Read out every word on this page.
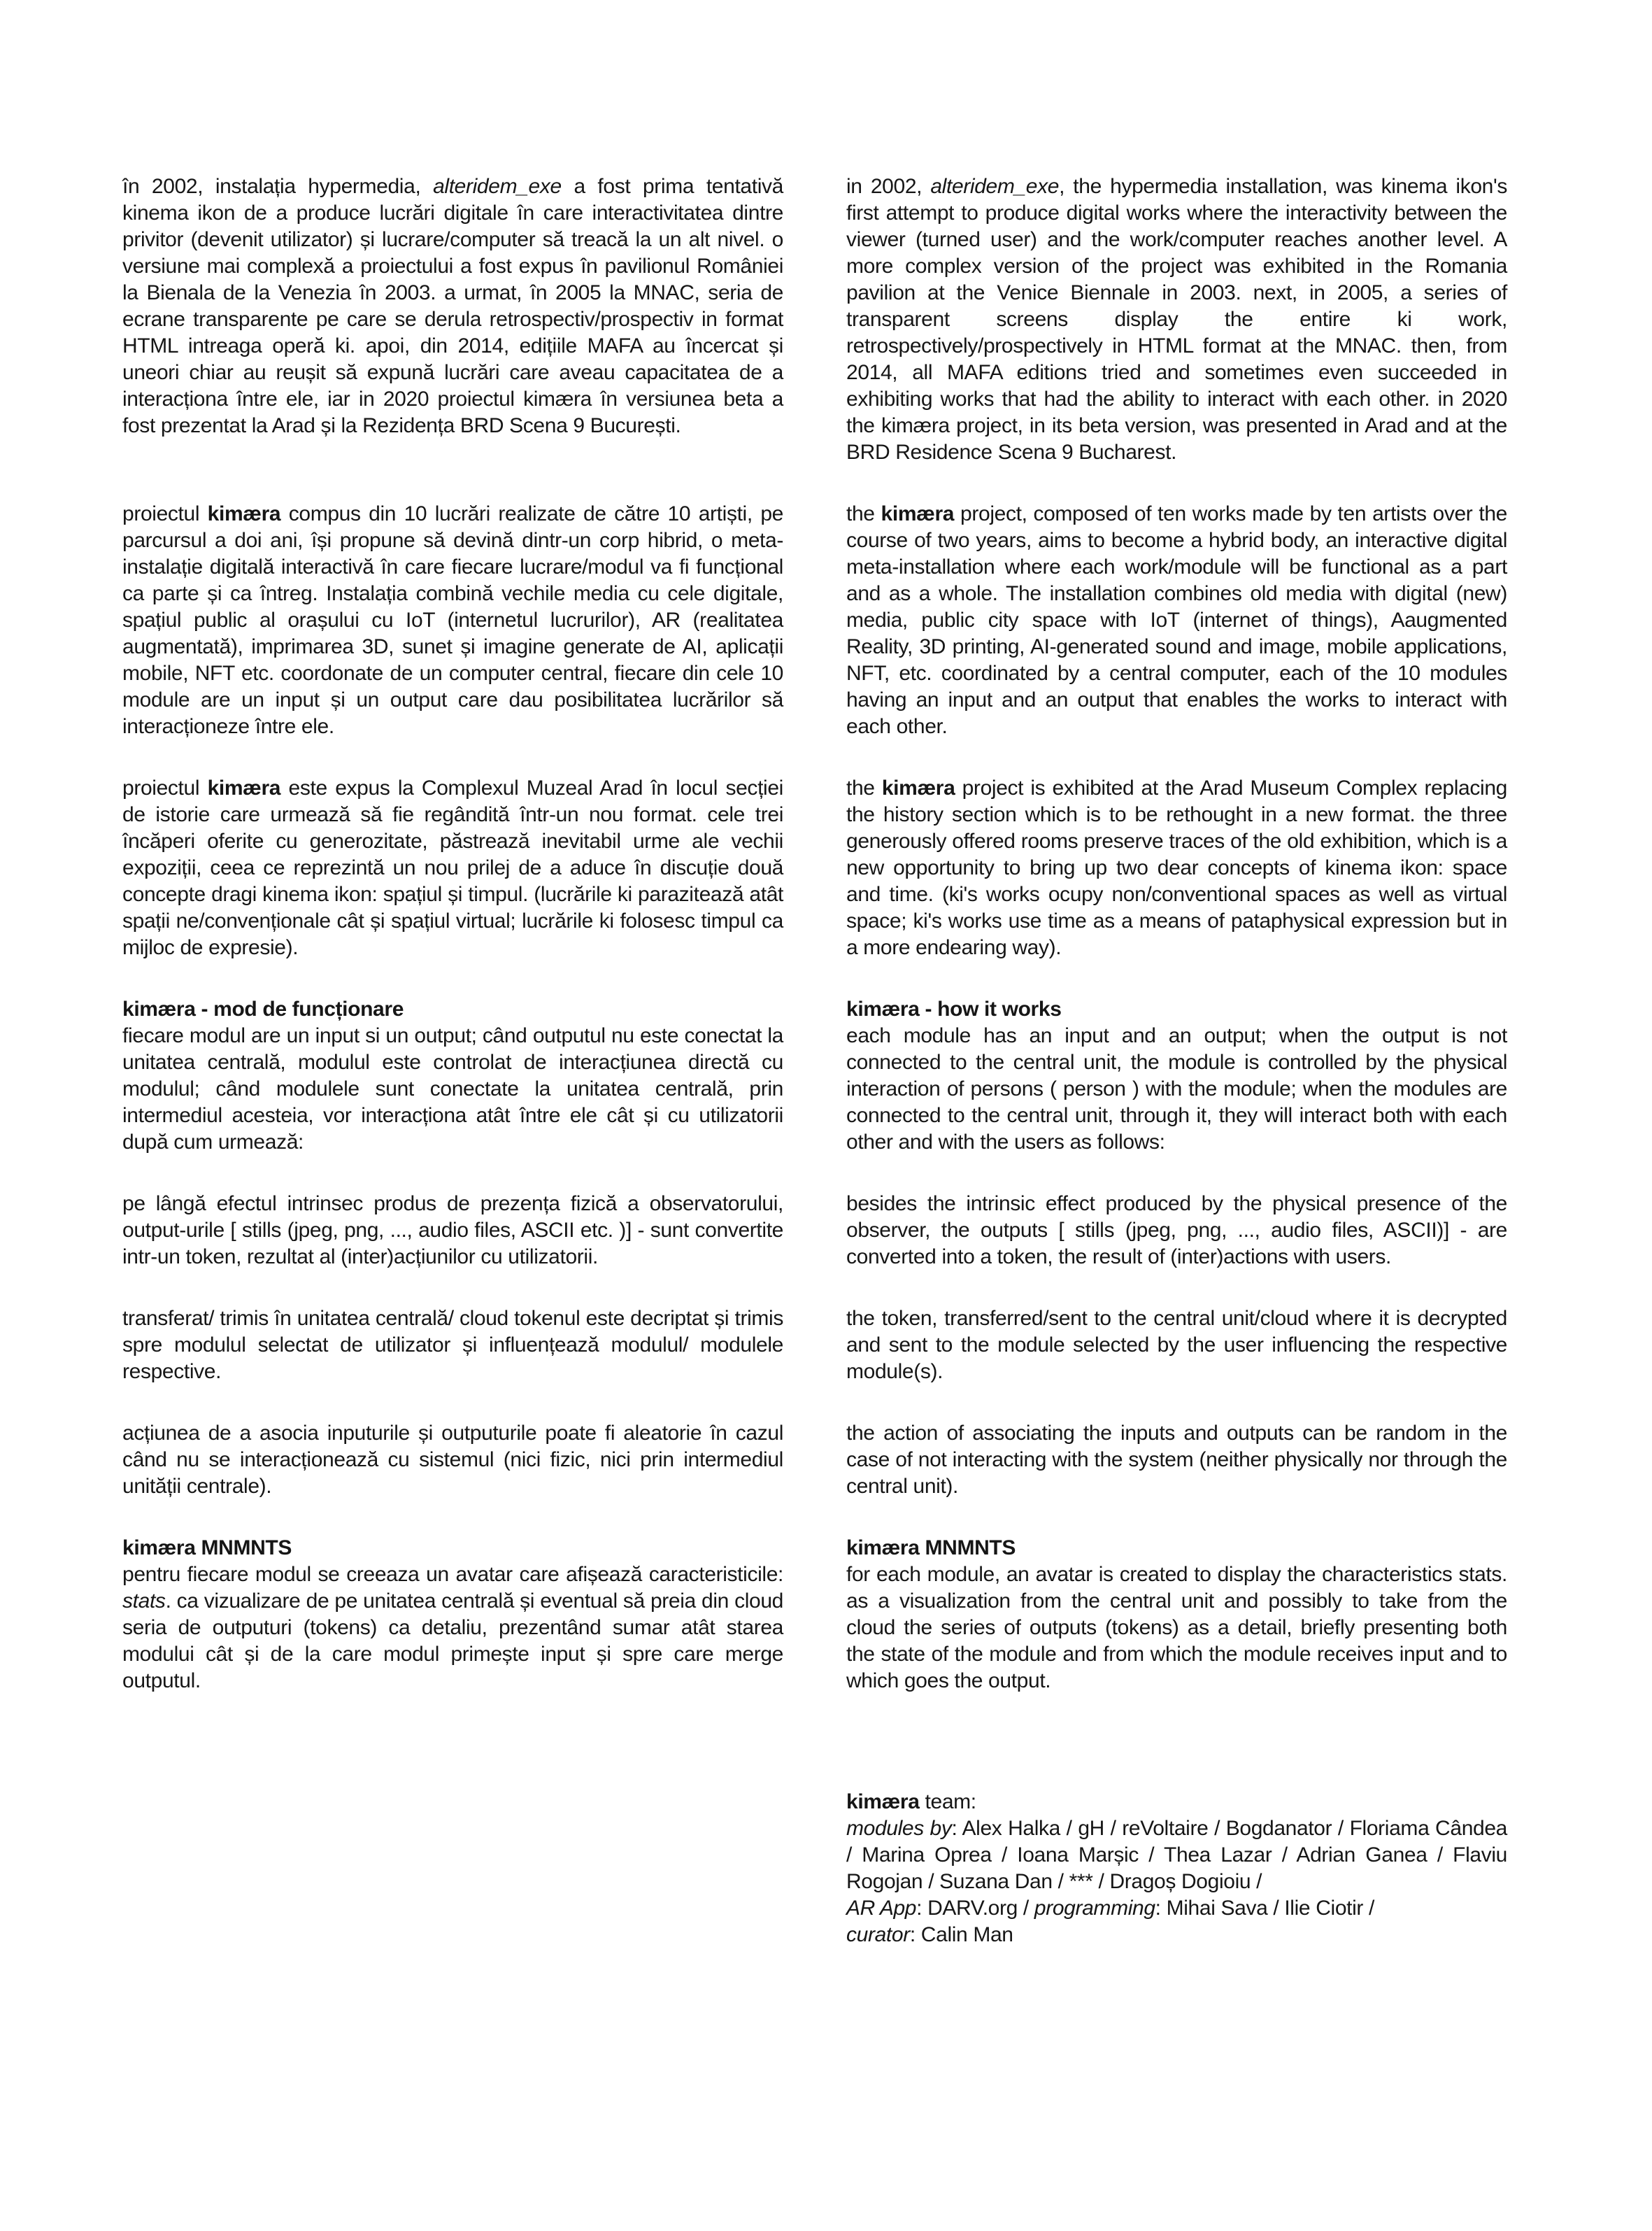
în 2002, instalația hypermedia, alteridem_exe a fost prima tentativă kinema ikon de a produce lucrări digitale în care interactivitatea dintre privitor (devenit utilizator) și lucrare/computer să treacă la un alt nivel. o versiune mai complexă a proiectului a fost expus în pavilionul României la Bienala de la Venezia în 2003. a urmat, în 2005 la MNAC, seria de ecrane transparente pe care se derula retrospectiv/prospectiv in format HTML intreaga operă ki. apoi, din 2014, edițiile MAFA au încercat și uneori chiar au reușit să expună lucrări care aveau capacitatea de a interacționa între ele, iar in 2020 proiectul kimæra în versiunea beta a fost prezentat la Arad și la Rezidența BRD Scena 9 București.

in 2002, alteridem_exe, the hypermedia installation, was kinema ikon's first attempt to produce digital works where the interactivity between the viewer (turned user) and the work/computer reaches another level. A more complex version of the project was exhibited in the Romania pavilion at the Venice Biennale in 2003. next, in 2005, a series of transparent screens display the entire ki work, retrospectively/prospectively in HTML format at the MNAC. then, from 2014, all MAFA editions tried and sometimes even succeeded in exhibiting works that had the ability to interact with each other. in 2020 the kimæra project, in its beta version, was presented in Arad and at the BRD Residence Scena 9 Bucharest.

proiectul kimæra compus din 10 lucrări realizate de către 10 artiști, pe parcursul a doi ani, își propune să devină dintr-un corp hibrid, o meta-instalație digitală interactivă în care fiecare lucrare/modul va fi funcțional ca parte și ca întreg. Instalația combină vechile media cu cele digitale, spațiul public al orașului cu IoT (internetul lucrurilor), AR (realitatea augmentată), imprimarea 3D, sunet și imagine generate de AI, aplicații mobile, NFT etc. coordonate de un computer central, fiecare din cele 10 module are un input și un output care dau posibilitatea lucrărilor să interacționeze între ele.

the kimæra project, composed of ten works made by ten artists over the course of two years, aims to become a hybrid body, an interactive digital meta-installation where each work/module will be functional as a part and as a whole. The installation combines old media with digital (new) media, public city space with IoT (internet of things), Aaugmented Reality, 3D printing, AI-generated sound and image, mobile applications, NFT, etc. coordinated by a central computer, each of the 10 modules having an input and an output that enables the works to interact with each other.

proiectul kimæra este expus la Complexul Muzeal Arad în locul secției de istorie care urmează să fie regândită într-un nou format. cele trei încăperi oferite cu generozitate, păstrează inevitabil urme ale vechii expoziții, ceea ce reprezintă un nou prilej de a aduce în discuție două concepte dragi kinema ikon: spațiul și timpul. (lucrările ki parazitează atât spații ne/convenționale cât și spațiul virtual; lucrările ki folosesc timpul ca mijloc de expresie).

the kimæra project is exhibited at the Arad Museum Complex replacing the history section which is to be rethought in a new format. the three generously offered rooms preserve traces of the old exhibition, which is a new opportunity to bring up two dear concepts of kinema ikon: space and time. (ki's works ocupy non/conventional spaces as well as virtual space; ki's works use time as a means of pataphysical expression but in a more endearing way).

kimæra - mod de funcționare

fiecare modul are un input si un output; când outputul nu este conectat la unitatea centrală, modulul este controlat de interacțiunea directă cu modulul; când modulele sunt conectate la unitatea centrală, prin intermediul acesteia, vor interacționa atât între ele cât și cu utilizatorii după cum urmează:

kimæra - how it works

each module has an input and an output; when the output is not connected to the central unit, the module is controlled by the physical interaction of persons ( person ) with the module; when the modules are connected to the central unit, through it, they will interact both with each other and with the users as follows:

pe lângă efectul intrinsec produs de prezența fizică a observatorului, output-urile [ stills (jpeg, png, ..., audio files, ASCII etc. )] - sunt convertite intr-un token, rezultat al (inter)acțiunilor cu utilizatorii.

besides the intrinsic effect produced by the physical presence of the observer, the outputs [ stills (jpeg, png, ..., audio files, ASCII)] - are converted into a token, the result of (inter)actions with users.

transferat/ trimis în unitatea centrală/ cloud tokenul este decriptat și trimis spre modulul selectat de utilizator și influențează modulul/ modulele respective.

the token, transferred/sent to the central unit/cloud where it is decrypted and sent to the module selected by the user influencing the respective module(s).

acțiunea de a asocia inputurile și outputurile poate fi aleatorie în cazul când nu se interacționează cu sistemul (nici fizic, nici prin intermediul unității centrale).

the action of associating the inputs and outputs can be random in the case of not interacting with the system (neither physically nor through the central unit).

kimæra MNMNTS

pentru fiecare modul se creeaza un avatar care afișează caracteristicile: stats. ca vizualizare de pe unitatea centrală și eventual să preia din cloud seria de outputuri (tokens) ca detaliu, prezentând sumar atât starea modului cât și de la care modul primește input și spre care merge outputul.

kimæra MNMNTS

for each module, an avatar is created to display the characteristics stats. as a visualization from the central unit and possibly to take from the cloud the series of outputs (tokens) as a detail, briefly presenting both the state of the module and from which the module receives input and to which goes the output.

kimæra team:
modules by: Alex Halka / gH / reVoltaire / Bogdanator / Floriama Cândea / Marina Oprea / Ioana Marșic / Thea Lazar / Adrian Ganea / Flaviu Rogojan / Suzana Dan / *** / Dragoș Dogioiu /
AR App: DARV.org / programming: Mihai Sava / Ilie Ciotir /
curator: Calin Man
